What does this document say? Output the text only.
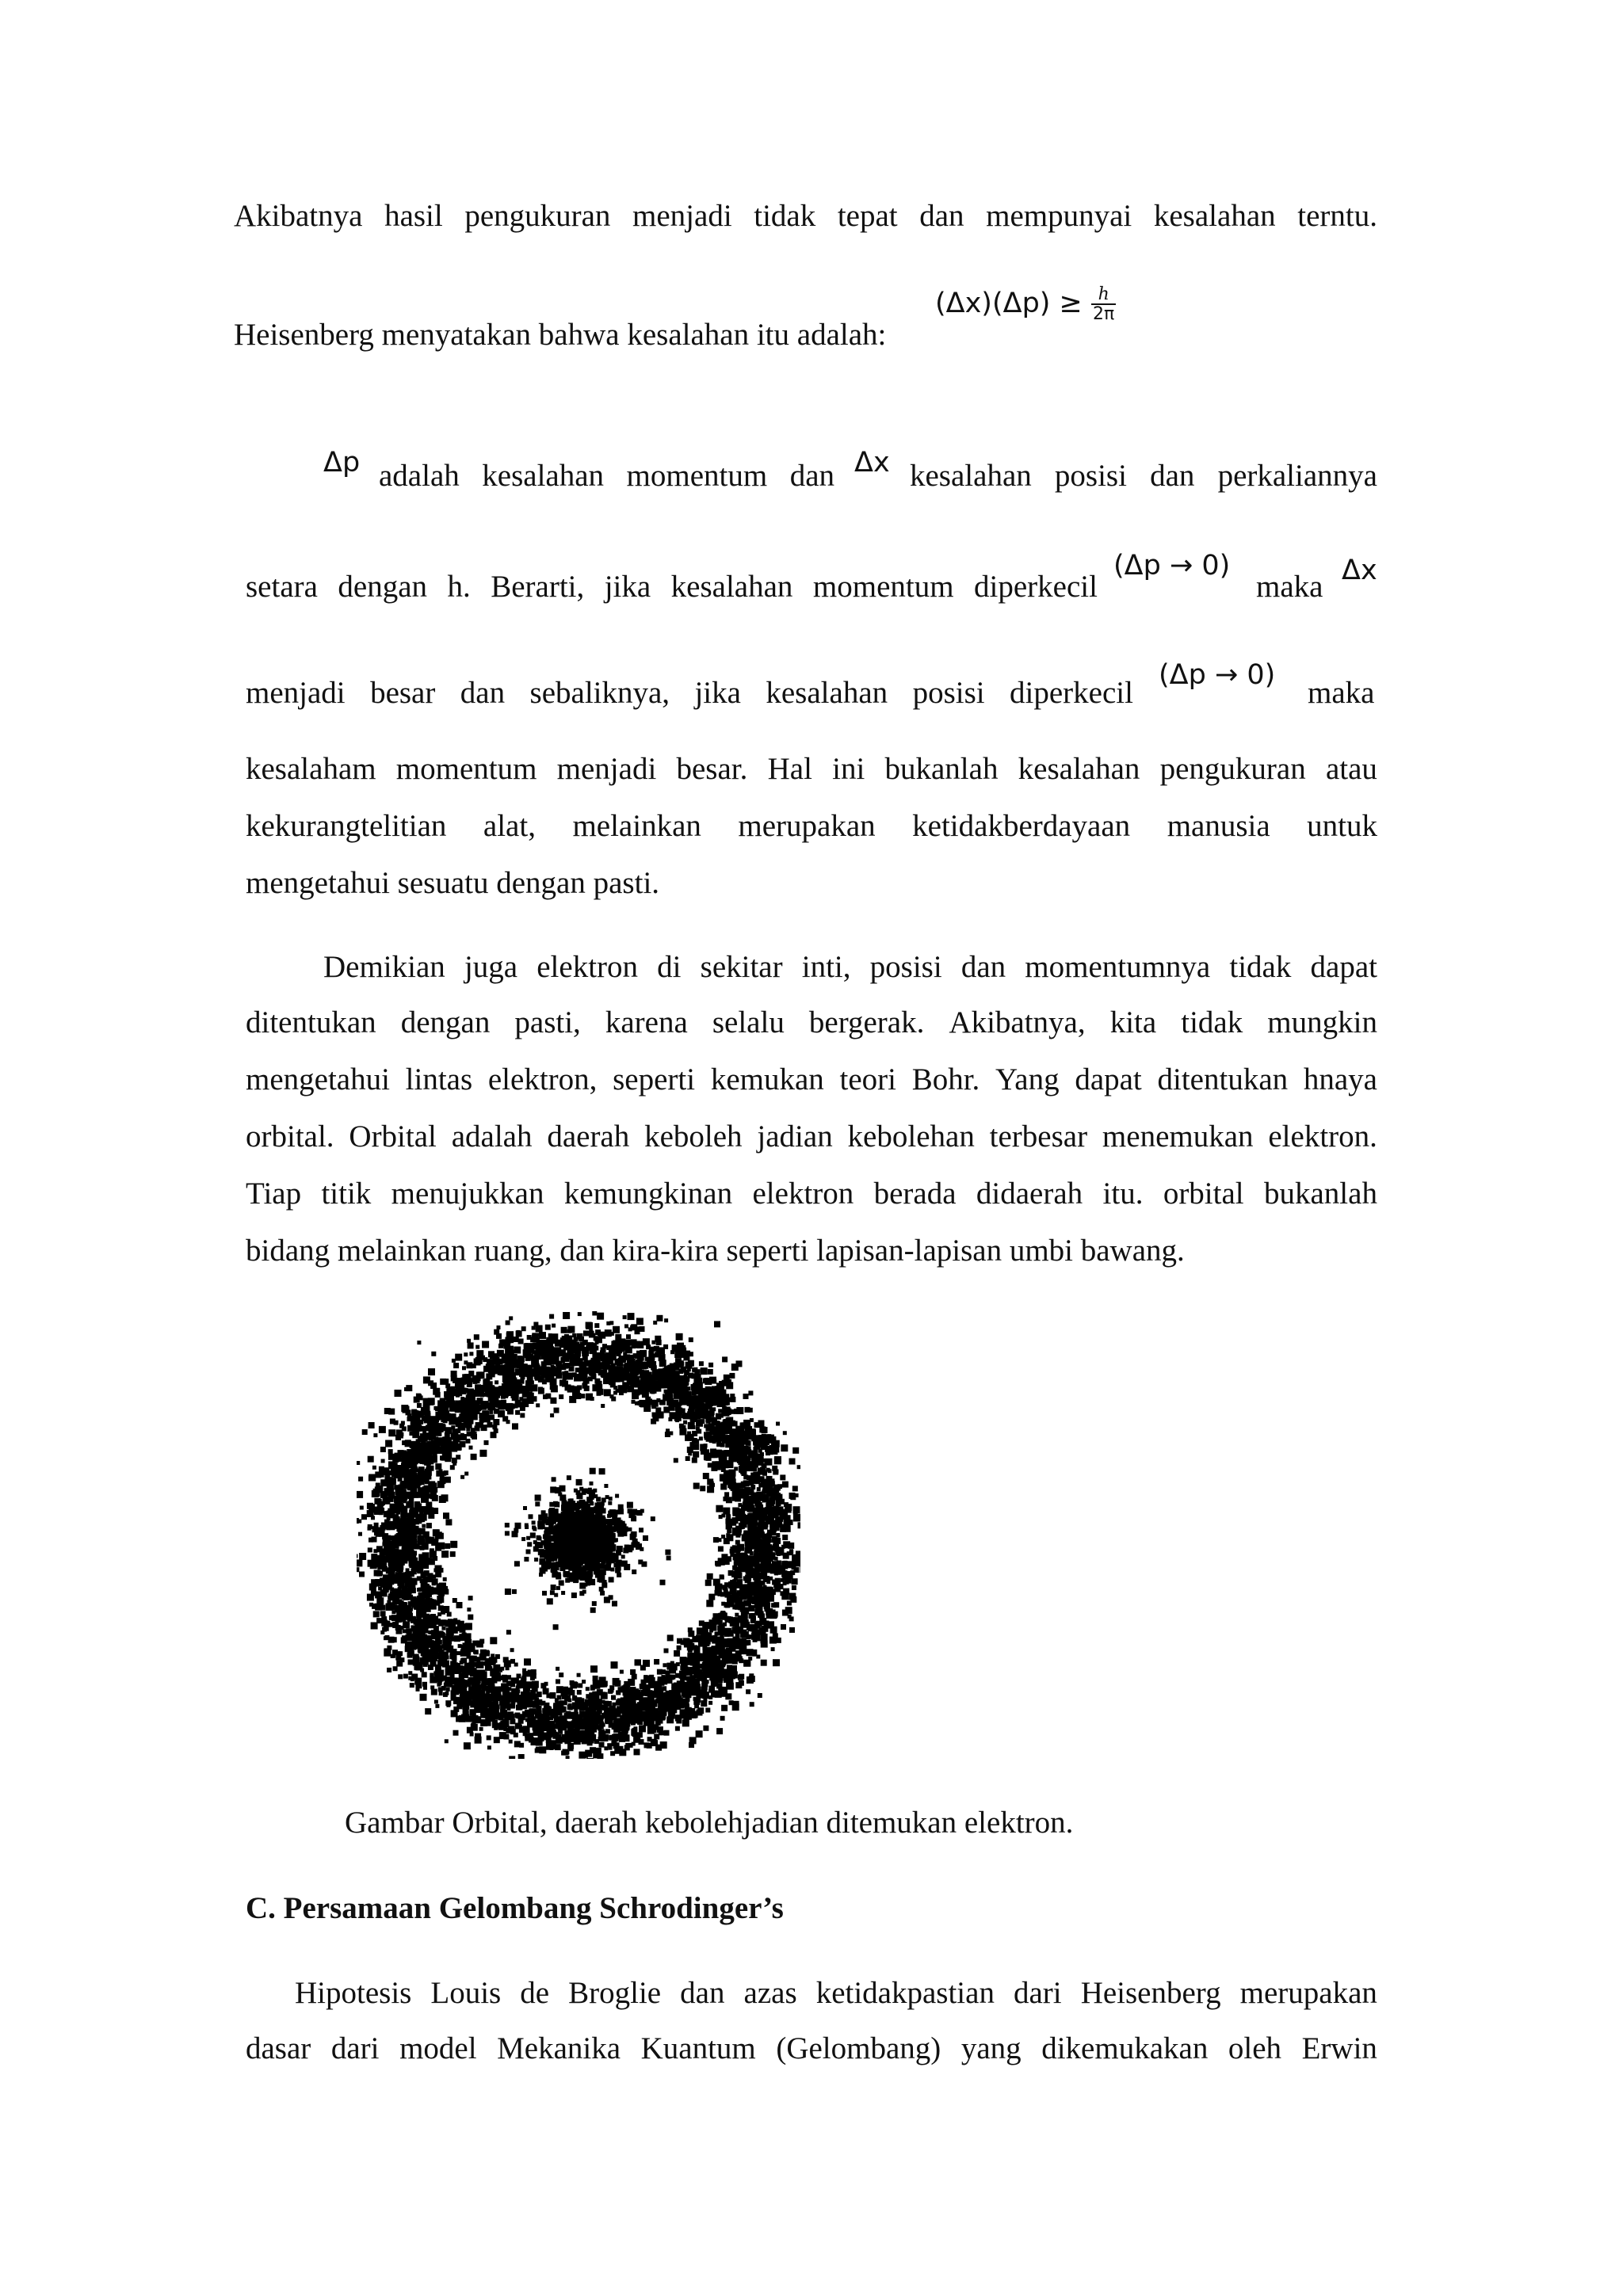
Akibatnya hasil pengukuran menjadi tidak tepat dan mempunyai kesalahan terntu.
Heisenberg menyatakan bahwa kesalahan itu adalah:
$(\Delta x)(\Delta p) \ge \frac{h}{2\pi}$
Δp adalah kesalahan momentum dan Δx kesalahan posisi dan perkaliannya
setara dengan h. Berarti, jika kesalahan momentum diperkecil
(Δp → 0)
maka Δx
menjadi besar dan sebaliknya, jika kesalahan posisi diperkecil
(Δp → 0)
maka
kesalaham momentum menjadi besar. Hal ini bukanlah kesalahan pengukuran atau
kekurangtelitian alat, melainkan merupakan ketidakberdayaan manusia untuk
mengetahui sesuatu dengan pasti.
Demikian juga elektron di sekitar inti, posisi dan momentumnya tidak dapat
ditentukan dengan pasti, karena selalu bergerak. Akibatnya, kita tidak mungkin
mengetahui lintas elektron, seperti kemukan teori Bohr. Yang dapat ditentukan hnaya
orbital. Orbital adalah daerah keboleh jadian kebolehan terbesar menemukan elektron.
Tiap titik menujukkan kemungkinan elektron berada didaerah itu. orbital bukanlah
bidang melainkan ruang, dan kira-kira seperti lapisan-lapisan umbi bawang.
Gambar Orbital, daerah kebolehjadian ditemukan elektron.
C. Persamaan Gelombang Schrodinger’s
Hipotesis Louis de Broglie dan azas ketidakpastian dari Heisenberg merupakan
dasar dari model Mekanika Kuantum (Gelombang) yang dikemukakan oleh Erwin
